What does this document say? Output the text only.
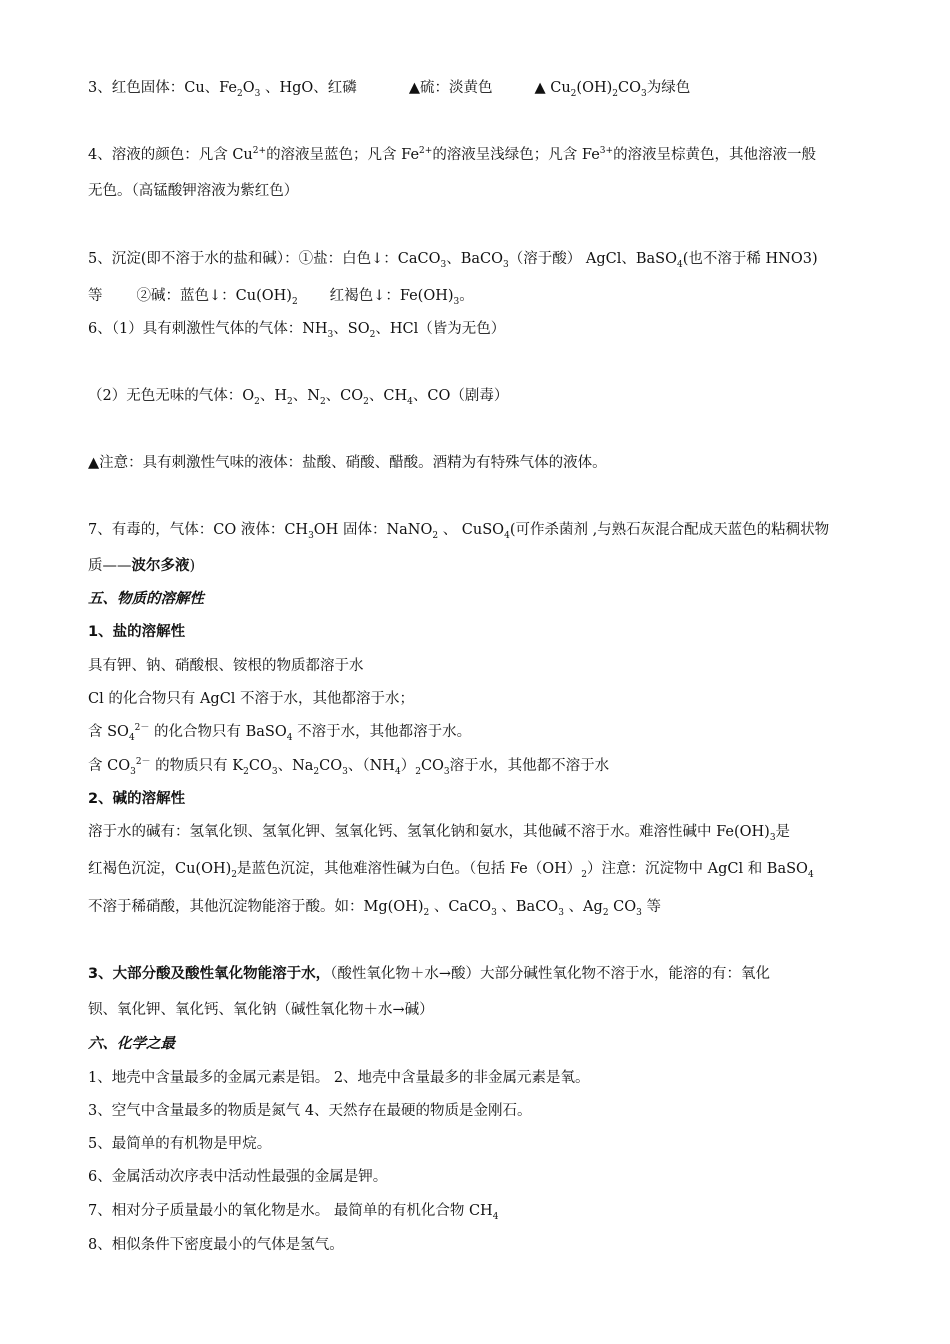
3、红色固体：Cu、$Fe_2O_3$ 、HgO、红磷	▲硫：淡黄色	▲ $Cu_2(OH)_2CO_3$为绿色
4、溶液的颜色：凡含 $Cu^{2+}$的溶液呈蓝色；凡含 $Fe^{2+}$的溶液呈浅绿色；凡含 $Fe^{3+}$的溶液呈棕黄色，其他溶液一般
无色。（高锰酸钾溶液为紫红色）
5、沉淀(即不溶于水的盐和碱）：①盐：白色↓：CaCO$_3$、BaCO$_3$（溶于酸） AgCl、BaSO$_4$(也不溶于稀 HNO3)
等 ②碱：蓝色↓：$Cu(OH)_2$ 红褐色↓：$Fe(OH)_3$。
6、（1）具有刺激性气体的气体：$NH_3$、$SO_2$、HCl（皆为无色）
（2）无色无味的气体：$O_2$、$H_2$、$N_2$、$CO_2$、$CH_4$、CO（剧毒）
▲注意：具有刺激性气味的液体：盐酸、硝酸、醋酸。酒精为有特殊气体的液体。
7、有毒的，气体：CO 液体：$CH_3OH$ 固体：NaNO$_2$ 、 CuSO$_4$(可作杀菌剂 ,与熟石灰混合配成天蓝色的粘稠状物
质——波尔多液)
五、物质的溶解性
1、盐的溶解性
具有钾、钠、硝酸根、铵根的物质都溶于水
Cl 的化合物只有 AgCl 不溶于水，其他都溶于水；
含 $SO_4^{2-}$ 的化合物只有 BaSO$_4$ 不溶于水，其他都溶于水。
含 $CO_3^{2-}$ 的物质只有 $K_2CO_3$、$Na_2CO_3$、$(NH_4)_2CO_3$溶于水，其他都不溶于水
2、碱的溶解性
溶于水的碱有：氢氧化钡、氢氧化钾、氢氧化钙、氢氧化钠和氨水，其他碱不溶于水。难溶性碱中 $Fe(OH)_3$是
红褐色沉淀，$Cu(OH)_2$是蓝色沉淀，其他难溶性碱为白色。（包括 $Fe(OH)_2$）注意：沉淀物中 AgCl 和 BaSO$_4$
不溶于稀硝酸，其他沉淀物能溶于酸。如：$Mg(OH)_2$ 、CaCO$_3$ 、BaCO$_3$ 、$Ag_2$ $CO_3$ 等
3、大部分酸及酸性氧化物能溶于水，（酸性氧化物＋水→酸）大部分碱性氧化物不溶于水，能溶的有：氧化
钡、氧化钾、氧化钙、氧化钠（碱性氧化物＋水→碱）
六、化学之最
1、地壳中含量最多的金属元素是铝。 2、地壳中含量最多的非金属元素是氧。
3、空气中含量最多的物质是氮气 4、天然存在最硬的物质是金刚石。
5、最简单的有机物是甲烷。
6、金属活动次序表中活动性最强的金属是钾。
7、相对分子质量最小的氧化物是水。 最简单的有机化合物 $CH_4$
8、相似条件下密度最小的气体是氢气。
